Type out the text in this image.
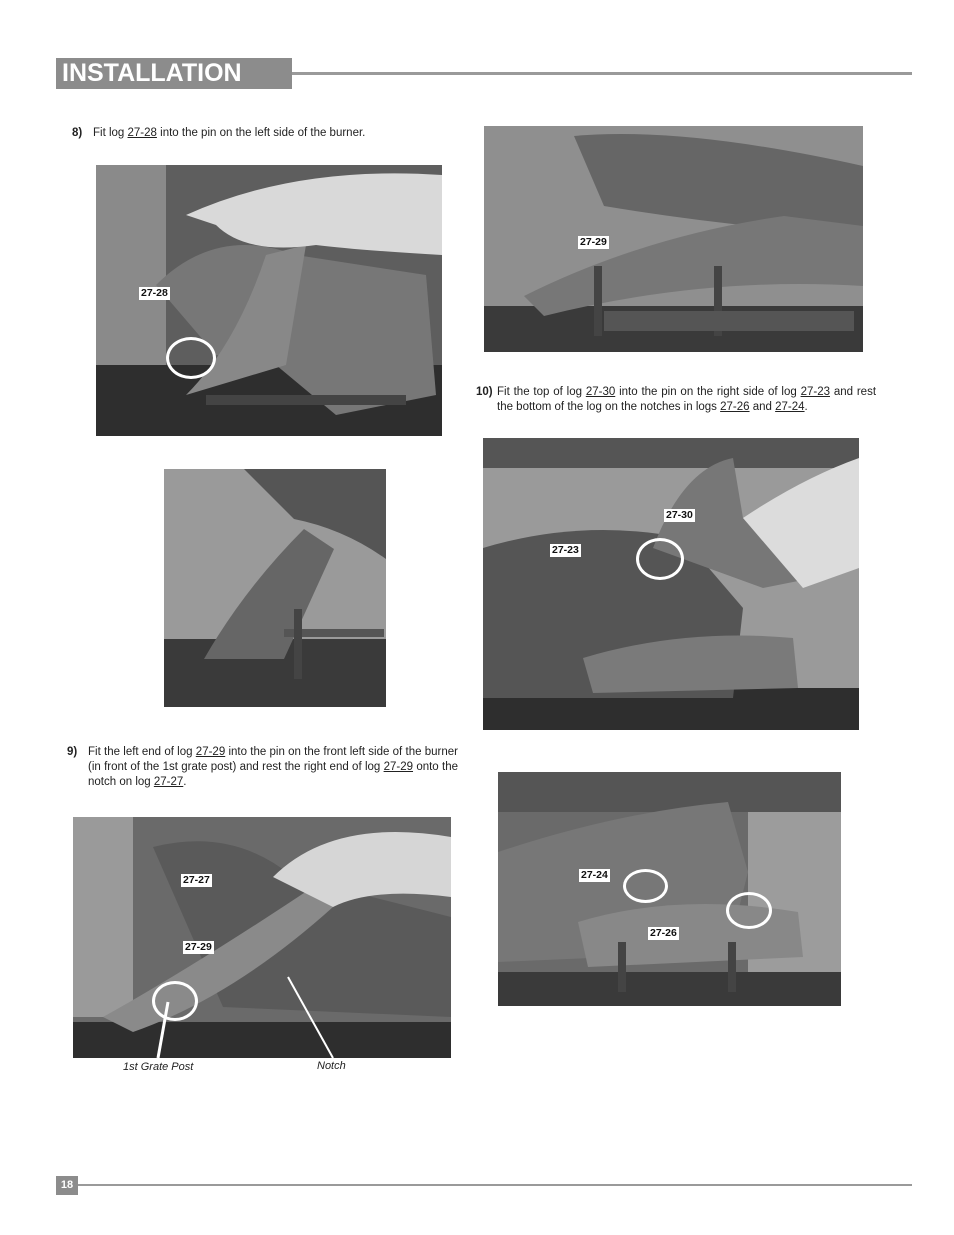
INSTALLATION
8) Fit log 27-28 into the pin on the left side of the burner.
27-28
9) Fit the left end of log 27-29 into the pin on the front left side of the burner (in front of the 1st grate post) and rest the right end of log 27-29 onto the notch on log 27-27.
27-27
27-29
1st Grate Post	Notch
27-29
10) Fit the top of log 27-30 into the pin on the right side of log 27-23 and rest the bottom of the log on the notches in logs 27-26 and 27-24.
27-30
27-23
27-24
27-26
18
